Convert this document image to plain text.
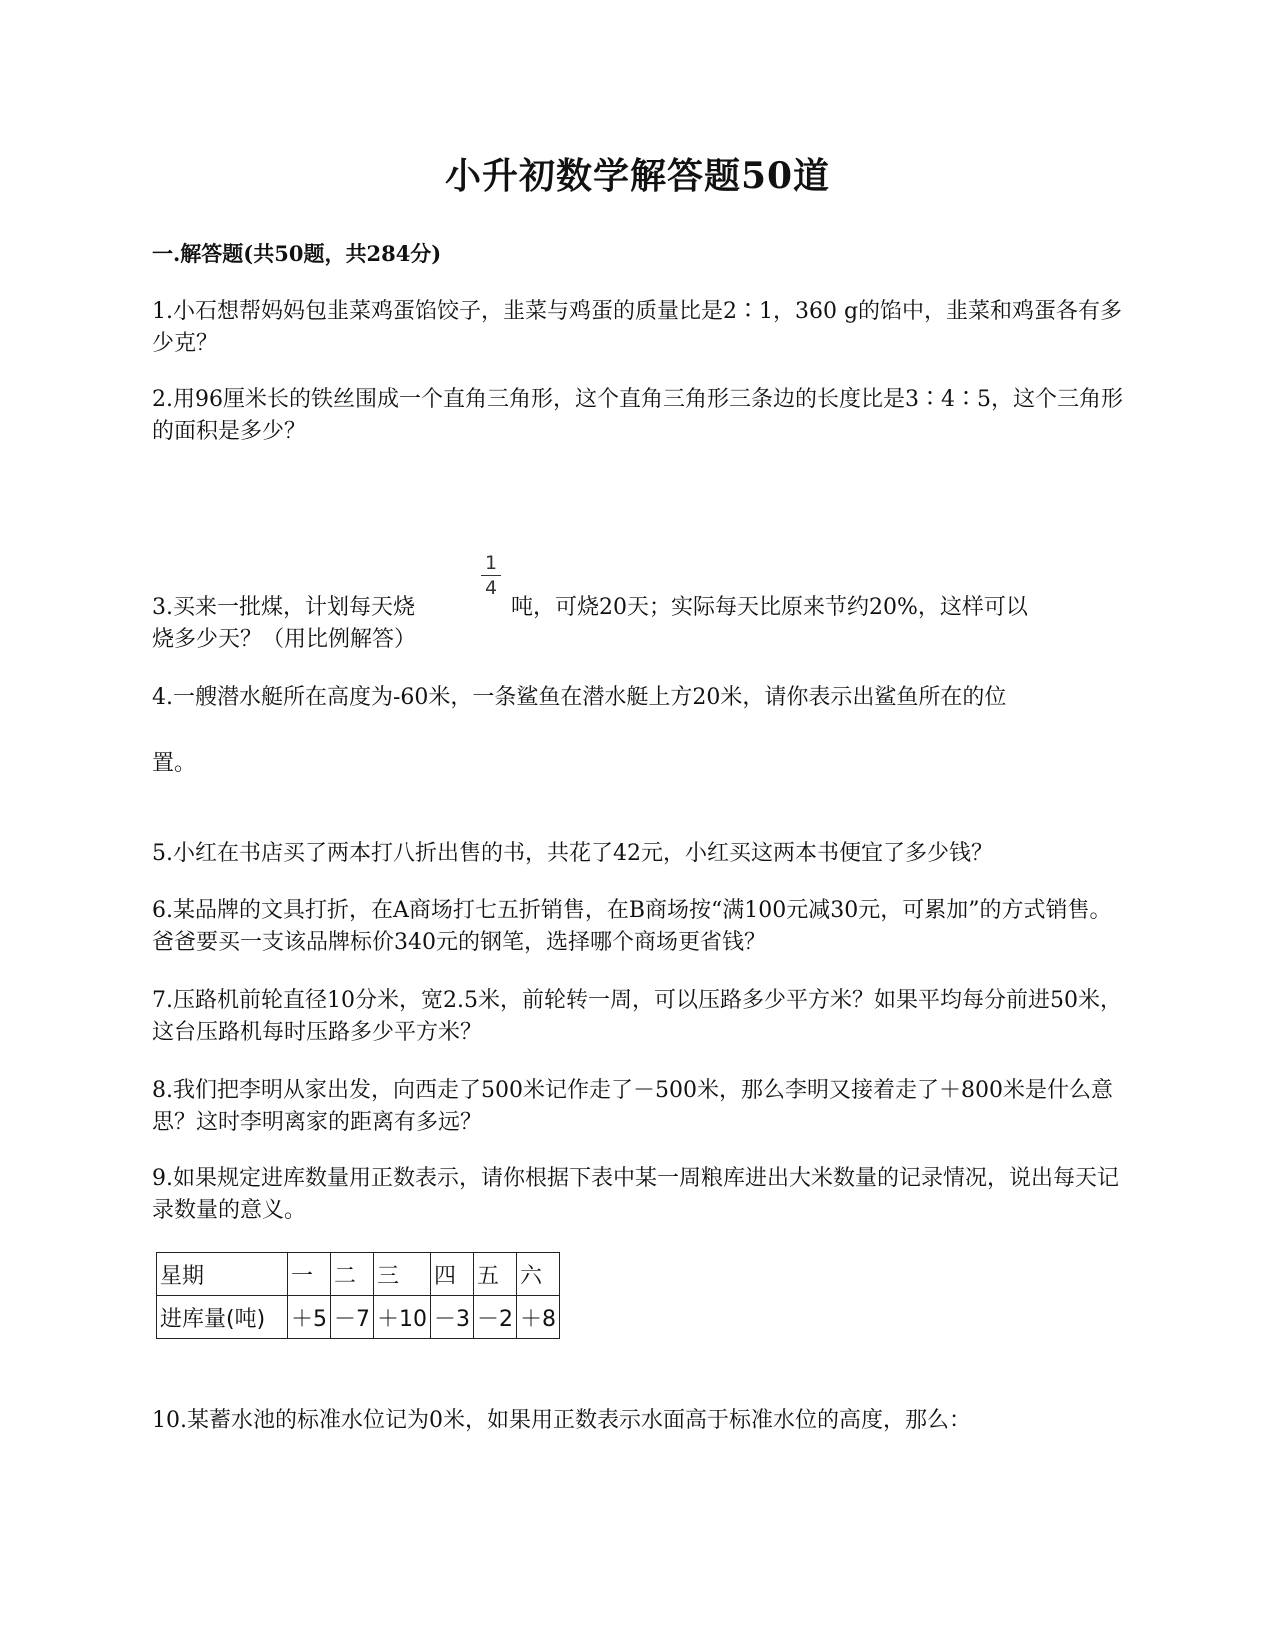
小升初数学解答题50道
一.解答题(共50题，共284分)

1.小石想帮妈妈包韭菜鸡蛋馅饺子，韭菜与鸡蛋的质量比是2∶1，360 g的馅中，韭菜和鸡蛋各有多少克？

2.用96厘米长的铁丝围成一个直角三角形，这个直角三角形三条边的长度比是3∶4∶5，这个三角形的面积是多少？

1
4
3.买来一批煤，计划每天烧	吨，可烧20天；实际每天比原来节约20%，这样可以
烧多少天？（用比例解答）

4.一艘潜水艇所在高度为-60米，一条鲨鱼在潜水艇上方20米，请你表示出鲨鱼所在的位

置。

5.小红在书店买了两本打八折出售的书，共花了42元，小红买这两本书便宜了多少钱？

6.某品牌的文具打折，在A商场打七五折销售，在B商场按“满100元减30元，可累加”的方式销售。爸爸要买一支该品牌标价340元的钢笔，选择哪个商场更省钱？

7.压路机前轮直径10分米，宽2.5米，前轮转一周，可以压路多少平方米？如果平均每分前进50米，这台压路机每时压路多少平方米？

8.我们把李明从家出发，向西走了500米记作走了－500米，那么李明又接着走了＋800米是什么意思？这时李明离家的距离有多远？

9.如果规定进库数量用正数表示，请你根据下表中某一周粮库进出大米数量的记录情况，说出每天记录数量的意义。

星期	一	二	三	四	五	六
进库量(吨)	＋5	－7	＋10	－3	－2	＋8

10.某蓄水池的标准水位记为0米，如果用正数表示水面高于标准水位的高度，那么：
